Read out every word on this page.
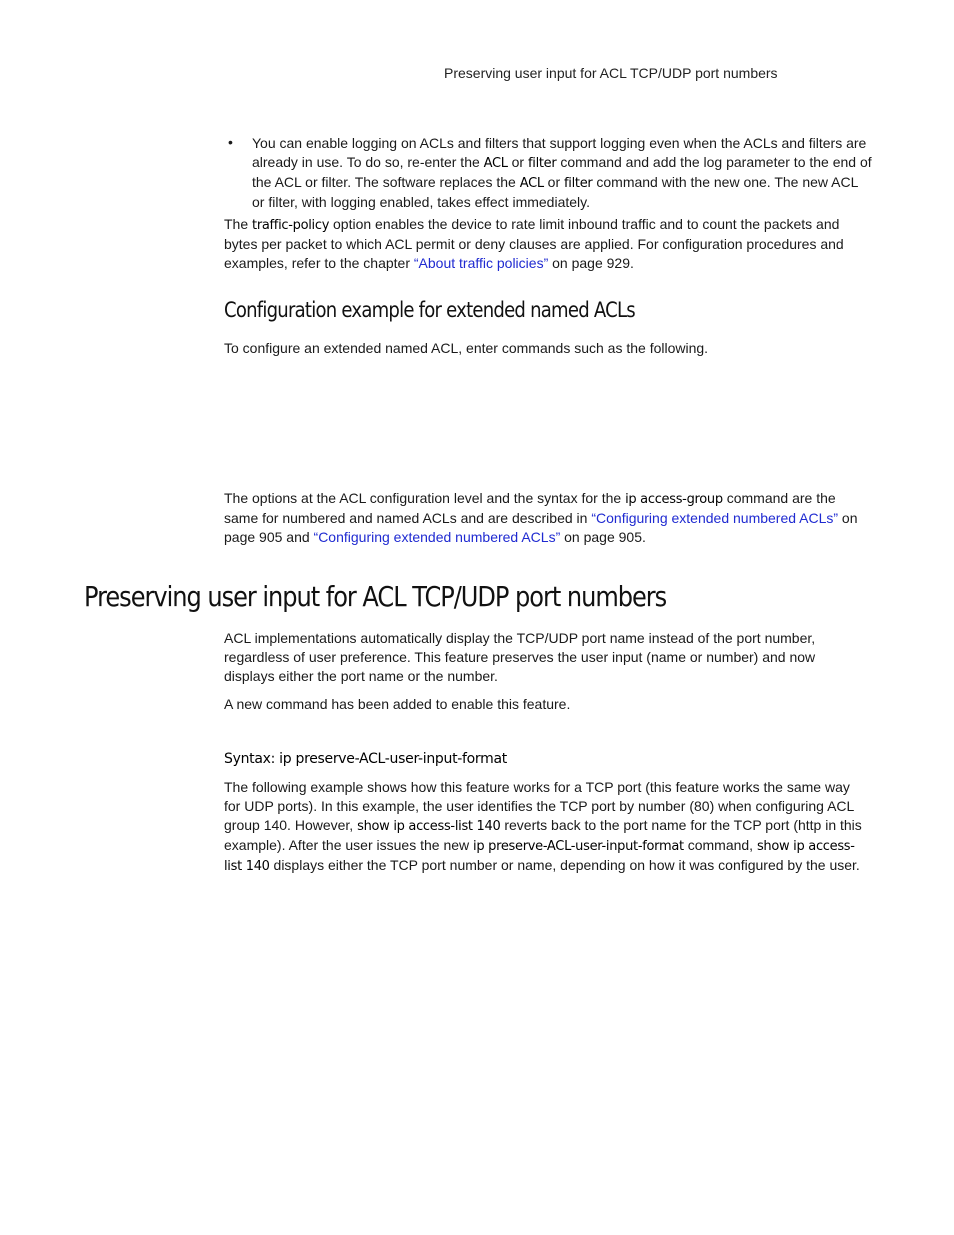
Preserving user input for ACL TCP/UDP port numbers
• You can enable logging on ACLs and filters that support logging even when the ACLs and filters are already in use. To do so, re-enter the ACL or filter command and add the log parameter to the end of the ACL or filter. The software replaces the ACL or filter command with the new one. The new ACL or filter, with logging enabled, takes effect immediately.
The traffic-policy option enables the device to rate limit inbound traffic and to count the packets and bytes per packet to which ACL permit or deny clauses are applied. For configuration procedures and examples, refer to the chapter “About traffic policies” on page 929.
Configuration example for extended named ACLs
To configure an extended named ACL, enter commands such as the following.
The options at the ACL configuration level and the syntax for the ip access-group command are the same for numbered and named ACLs and are described in “Configuring extended numbered ACLs” on page 905 and “Configuring extended numbered ACLs” on page 905.
Preserving user input for ACL TCP/UDP port numbers
ACL implementations automatically display the TCP/UDP port name instead of the port number, regardless of user preference. This feature preserves the user input (name or number) and now displays either the port name or the number.
A new command has been added to enable this feature.
Syntax: ip preserve-ACL-user-input-format
The following example shows how this feature works for a TCP port (this feature works the same way for UDP ports). In this example, the user identifies the TCP port by number (80) when configuring ACL group 140. However, show ip access-list 140 reverts back to the port name for the TCP port (http in this example). After the user issues the new ip preserve-ACL-user-input-format command, show ip access-list 140 displays either the TCP port number or name, depending on how it was configured by the user.
